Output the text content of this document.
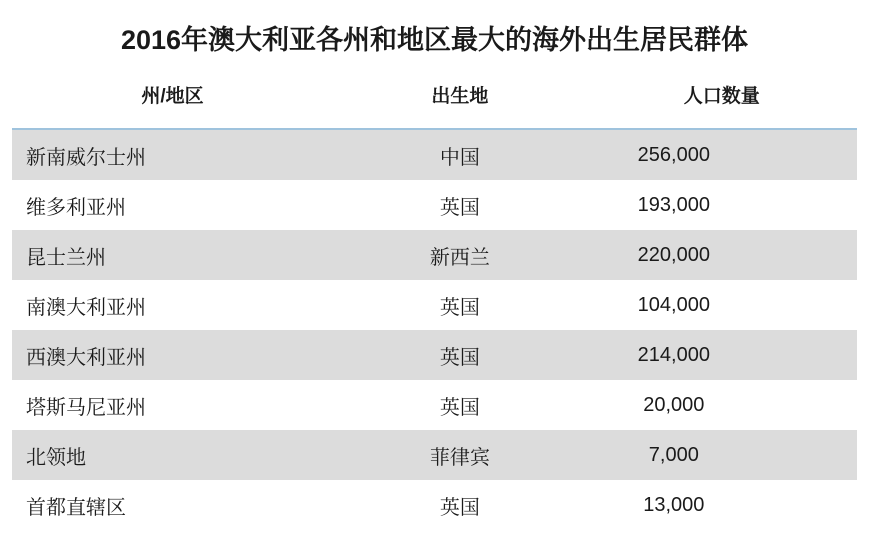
2016年澳大利亚各州和地区最大的海外出生居民群体
州/地区	出生地	人口数量
新南威尔士州	中国	256,000
维多利亚州	英国	193,000
昆士兰州	新西兰	220,000
南澳大利亚州	英国	104,000
西澳大利亚州	英国	214,000
塔斯马尼亚州	英国	20,000
北领地	菲律宾	7,000
首都直辖区	英国	13,000
